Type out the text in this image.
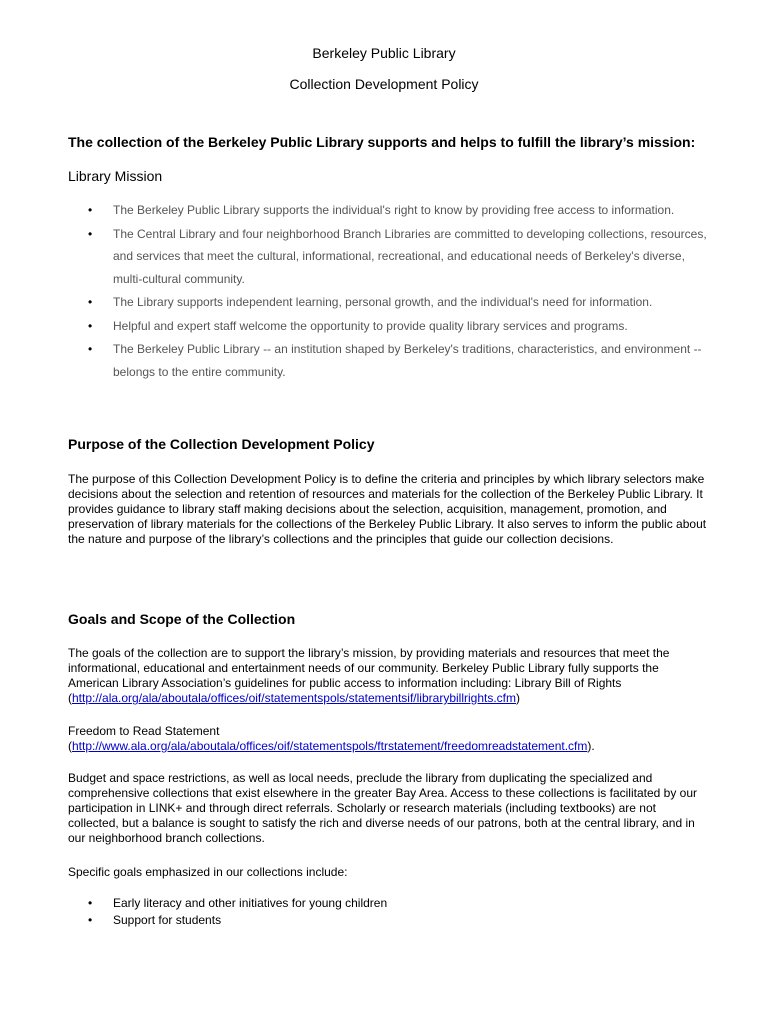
Berkeley Public Library
Collection Development Policy
The collection of the Berkeley Public Library supports and helps to fulfill the library’s mission:
Library Mission
• The Berkeley Public Library supports the individual's right to know by providing free access to information.
• The Central Library and four neighborhood Branch Libraries are committed to developing collections, resources, and services that meet the cultural, informational, recreational, and educational needs of Berkeley's diverse, multi-cultural community.
• The Library supports independent learning, personal growth, and the individual's need for information.
• Helpful and expert staff welcome the opportunity to provide quality library services and programs.
• The Berkeley Public Library -- an institution shaped by Berkeley's traditions, characteristics, and environment -- belongs to the entire community.
Purpose of the Collection Development Policy
The purpose of this Collection Development Policy is to define the criteria and principles by which library selectors make decisions about the selection and retention of resources and materials for the collection of the Berkeley Public Library. It provides guidance to library staff making decisions about the selection, acquisition, management, promotion, and preservation of library materials for the collections of the Berkeley Public Library. It also serves to inform the public about the nature and purpose of the library’s collections and the principles that guide our collection decisions.
Goals and Scope of the Collection
The goals of the collection are to support the library’s mission, by providing materials and resources that meet the informational, educational and entertainment needs of our community. Berkeley Public Library fully supports the American Library Association’s guidelines for public access to information including: Library Bill of Rights
(http://ala.org/ala/aboutala/offices/oif/statementspols/statementsif/librarybillrights.cfm)
Freedom to Read Statement
(http://www.ala.org/ala/aboutala/offices/oif/statementspols/ftrstatement/freedomreadstatement.cfm).
Budget and space restrictions, as well as local needs, preclude the library from duplicating the specialized and comprehensive collections that exist elsewhere in the greater Bay Area. Access to these collections is facilitated by our participation in LINK+ and through direct referrals. Scholarly or research materials (including textbooks) are not collected, but a balance is sought to satisfy the rich and diverse needs of our patrons, both at the central library, and in our neighborhood branch collections.
Specific goals emphasized in our collections include:
• Early literacy and other initiatives for young children
• Support for students
